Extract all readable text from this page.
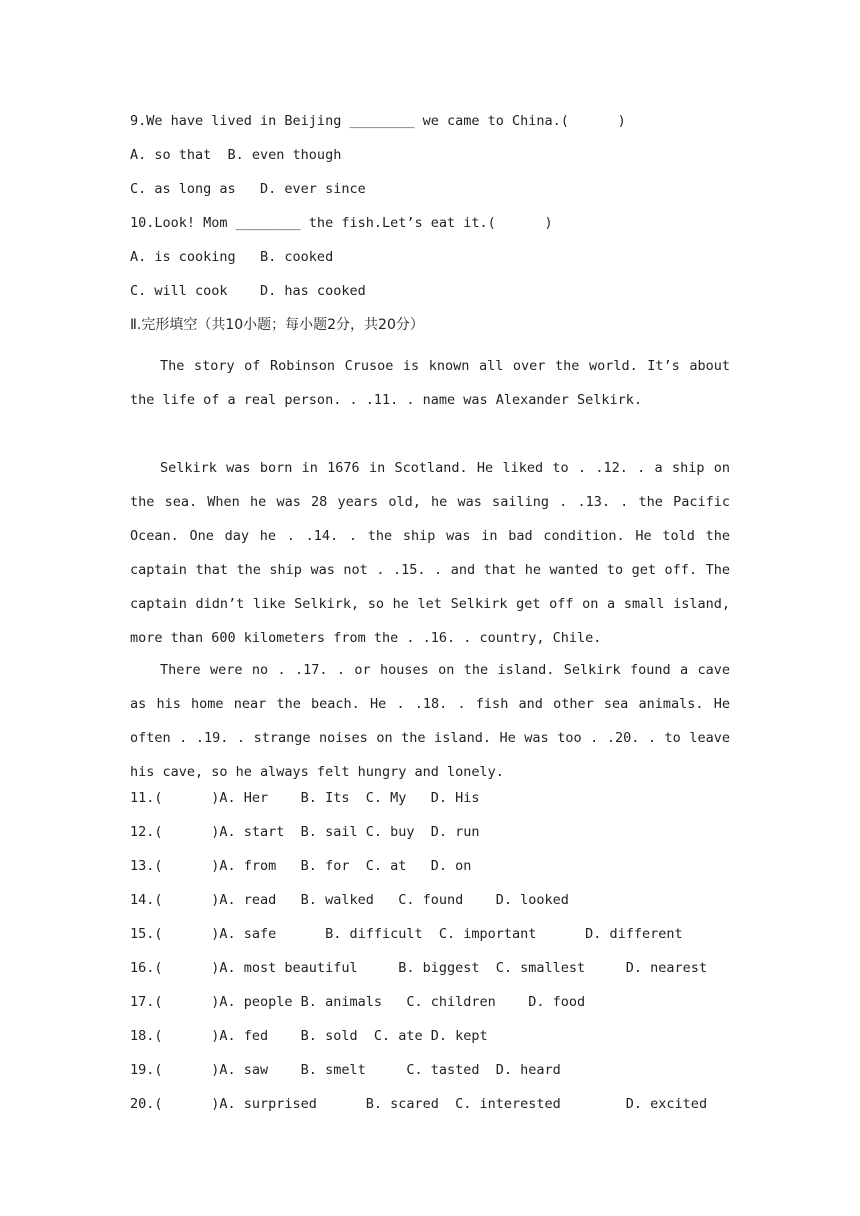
9.We have lived in Beijing ________ we came to China.(      )
A. so that  B. even though
C. as long as   D. ever since
10.Look! Mom ________ the fish.Let’s eat it.(      )
A. is cooking   B. cooked
C. will cook    D. has cooked
Ⅱ.完形填空（共10小题；每小题2分，共20分）
The story of Robinson Crusoe is known all over the world. It’s about the life of a real person. . .11. . name was Alexander Selkirk.
Selkirk was born in 1676 in Scotland. He liked to . .12. . a ship on the sea. When he was 28 years old, he was sailing . .13. . the Pacific Ocean. One day he . .14. . the ship was in bad condition. He told the captain that the ship was not . .15. . and that he wanted to get off. The captain didn’t like Selkirk, so he let Selkirk get off on a small island, more than 600 kilometers from the . .16. . country, Chile.
There were no . .17. . or houses on the island. Selkirk found a cave as his home near the beach. He . .18. . fish and other sea animals. He often . .19. . strange noises on the island. He was too . .20. . to leave his cave, so he always felt hungry and lonely.
11.(      )A. Her    B. Its  C. My   D. His
12.(      )A. start  B. sail C. buy  D. run
13.(      )A. from   B. for  C. at   D. on
14.(      )A. read   B. walked   C. found    D. looked
15.(      )A. safe      B. difficult  C. important      D. different
16.(      )A. most beautiful     B. biggest  C. smallest     D. nearest
17.(      )A. people B. animals   C. children    D. food
18.(      )A. fed    B. sold  C. ate D. kept
19.(      )A. saw    B. smelt     C. tasted  D. heard
20.(      )A. surprised      B. scared  C. interested        D. excited
